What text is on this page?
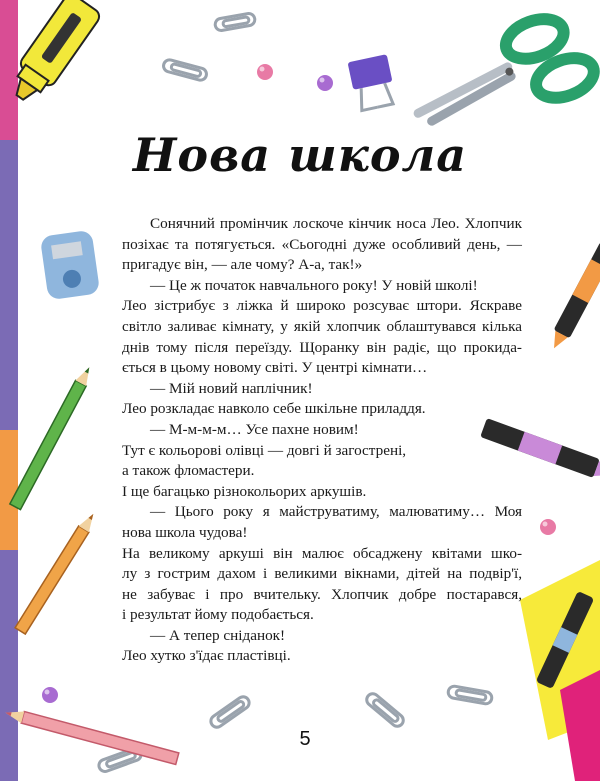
Нова школа
Сонячний промінчик лоскоче кінчик носа Лео. Хлопчик
позіхає та потягується. «Сьогодні дуже особливий день, —
пригадує він, — але чому? А-а, так!»
— Це ж початок навчального року! У новій школі!
Лео зістрибує з ліжка й широко розсуває штори. Яскраве
світло заливає кімнату, у якій хлопчик облаштувався кілька
днів тому після переїзду. Щоранку він радіє, що прокида-
ється в цьому новому світі. У центрі кімнати…
— Мій новий наплічник!
Лео розкладає навколо себе шкільне приладдя.
— М-м-м-м… Усе пахне новим!
Тут є кольорові олівці — довгі й загострені,
а також фломастери.
І ще багацько різнокольорих аркушів.
— Цього року я майструватиму, малюватиму… Моя
нова школа чудова!
На великому аркуші він малює обсаджену квітами шко-
лу з гострим дахом і великими вікнами, дітей на подвір'ї,
не забуває і про вчительку. Хлопчик добре постарався,
і результат йому подобається.
— А тепер сніданок!
Лео хутко з'їдає пластівці.
5
